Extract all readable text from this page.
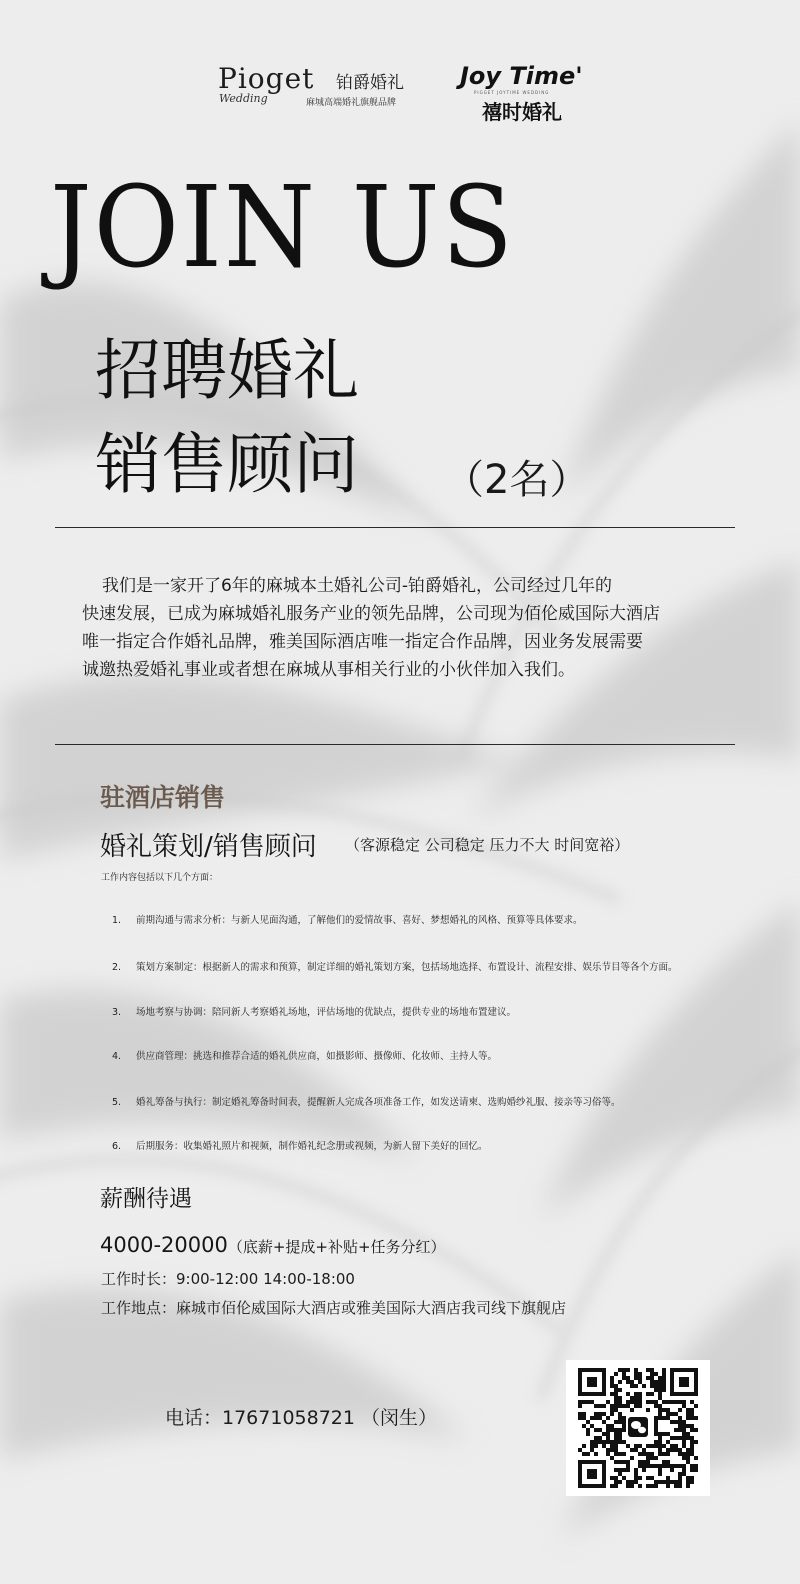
Pioget 铂爵婚礼
Wedding	麻城高端婚礼旗舰品牌
Joy Time'
PIGGET JOYTIME WEDDING
禧时婚礼
JOIN US
招聘婚礼
销售顾问 （2名）
我们是一家开了6年的麻城本土婚礼公司-铂爵婚礼，公司经过几年的
快速发展，已成为麻城婚礼服务产业的领先品牌，公司现为佰伦威国际大酒店
唯一指定合作婚礼品牌，雅美国际酒店唯一指定合作品牌，因业务发展需要
诚邀热爱婚礼事业或者想在麻城从事相关行业的小伙伴加入我们。
驻酒店销售
婚礼策划/销售顾问 （客源稳定 公司稳定 压力不大 时间宽裕）
工作内容包括以下几个方面：
1. 前期沟通与需求分析：与新人见面沟通，了解他们的爱情故事、喜好、梦想婚礼的风格、预算等具体要求。
2. 策划方案制定：根据新人的需求和预算，制定详细的婚礼策划方案，包括场地选择、布置设计、流程安排、娱乐节目等各个方面。
3. 场地考察与协调：陪同新人考察婚礼场地，评估场地的优缺点，提供专业的场地布置建议。
4. 供应商管理：挑选和推荐合适的婚礼供应商，如摄影师、摄像师、化妆师、主持人等。
5. 婚礼筹备与执行：制定婚礼筹备时间表，提醒新人完成各项准备工作，如发送请柬、选购婚纱礼服、接亲等习俗等。
6. 后期服务：收集婚礼照片和视频，制作婚礼纪念册或视频，为新人留下美好的回忆。
薪酬待遇
4000-20000（底薪+提成+补贴+任务分红）
工作时长：9:00-12:00 14:00-18:00
工作地点：麻城市佰伦威国际大酒店或雅美国际大酒店我司线下旗舰店
电话：17671058721 （闵生）
